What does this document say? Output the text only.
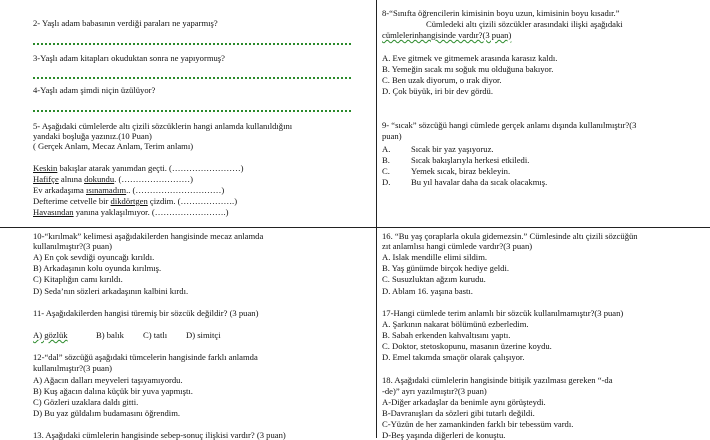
2- Yaşlı adam babasının verdiği paraları ne yaparmış?
3-Yaşlı adam kitapları okuduktan sonra ne yapıyormuş?
4-Yaşlı adam şimdi niçin üzülüyor?
5- Aşağıdaki cümlelerde altı çizili sözcüklerin hangi anlamda kullanıldığını
yandaki boşluğa yazınız.(10 Puan)
( Gerçek Anlam, Mecaz Anlam, Terim anlamı)
Keskin bakışlar atarak yanımdan geçti. (……………………)
Hafifçe alnına dokundu. (……………………)
Ev arkadaşıma ısınamadım.. (…………………………)
Defterime cetvelle bir dikdörtgen çizdim. (……………….)
Havasından yanına yaklaşılmıyor. (…………………….)
8-“Sınıfta öğrencilerin kimisinin boyu uzun, kimisinin boyu kısadır.”
Cümledeki altı çizili sözcükler arasındaki ilişki aşağıdaki
cümlelerinhangisinde vardır?(3 puan)
A. Eve gitmek ve gitmemek arasında karasız kaldı.
B. Yemeğin sıcak mı soğuk mu olduğuna bakıyor.
C. Ben uzak diyorum, o ırak diyor.
D. Çok büyük, iri bir dev gördü.
9- “sıcak” sözcüğü hangi cümlede gerçek anlamı dışında kullanılmıştır?(3
puan)
A. Sıcak bir yaz yaşıyoruz.
B. Sıcak bakışlarıyla herkesi etkiledi.
C. Yemek sıcak, biraz bekleyin.
D. Bu yıl havalar daha da sıcak olacakmış.
10-“kırılmak” kelimesi aşağıdakilerden hangisinde mecaz anlamda
kullanılmıştır?(3 puan)
A) En çok sevdiği oyuncağı kırıldı.
B) Arkadaşının kolu oyunda kırılmış.
C) Kitaplığın camı kırıldı.
D) Seda’nın sözleri arkadaşının kalbini kırdı.
11- Aşağıdakilerden hangisi türemiş bir sözcük değildir? (3 puan)
A) gözlük	B) balık C) tatlı D) simitçi
12-“dal” sözcüğü aşağıdaki tümcelerin hangisinde farklı anlamda
kullanılmıştır?(3 puan)
A) Ağacın dalları meyveleri taşıyamıyordu.
B) Kuş ağacın dalına küçük bir yuva yapmıştı.
C) Gözleri uzaklara daldı gitti.
D) Bu yaz güldalım budamasını öğrendim.
13. Aşağıdaki cümlelerin hangisinde sebep-sonuç ilişkisi vardır? (3 puan)
16. “Bu yaş çoraplarla okula gidemezsin.” Cümlesinde altı çizili sözcüğün
zıt anlamlısı hangi cümlede vardır?(3 puan)
A. Islak mendille elimi sildim.
B. Yaş günümde birçok hediye geldi.
C. Susuzluktan ağzım kurudu.
D. Ablam 16. yaşına bastı.
17-Hangi cümlede terim anlamlı bir sözcük kullanılmamıştır?(3 puan)
A. Şarkının nakarat bölümünü ezberledim.
B. Sabah erkenden kahvaltısını yaptı.
C. Doktor, stetoskopunu, masanın üzerine koydu.
D. Emel takımda smaçör olarak çalışıyor.
18. Aşağıdaki cümlelerin hangisinde bitişik yazılması gereken “-da
-de)” ayrı yazılmıştır?(3 puan)
A-Diğer arkadaşlar da benimle aynı görüşteydi.
B-Davranışları da sözleri gibi tutarlı değildi.
C-Yüzün de her zamankinden farklı bir tebessüm vardı.
D-Beş yaşında diğerleri de konuştu.
